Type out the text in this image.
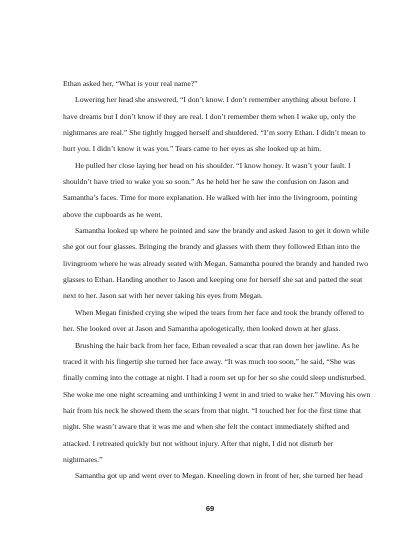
Ethan asked her, “What is your real name?”

Lowering her head she answered, “I don’t know. I don’t remember anything about before. I have dreams but I don’t know if they are real. I don’t remember them when I wake up, only the nightmares are real.” She tightly hugged herself and shuddered. “I’m sorry Ethan. I didn’t mean to hurt you. I didn’t know it was you.” Tears came to her eyes as she looked up at him.

He pulled her close laying her head on his shoulder. “I know honey. It wasn’t your fault. I shouldn’t have tried to wake you so soon.” As he held her he saw the confusion on Jason and Samantha’s faces. Time for more explanation. He walked with her into the livingroom, pointing above the cupboards as he went.

Samantha looked up where he pointed and saw the brandy and asked Jason to get it down while she got out four glasses. Bringing the brandy and glasses with them they followed Ethan into the livingroom where he was already seated with Megan. Samantha poured the brandy and handed two glasses to Ethan. Handing another to Jason and keeping one for herself she sat and patted the seat next to her. Jason sat with her never taking his eyes from Megan.

When Megan finished crying she wiped the tears from her face and took the brandy offered to her. She looked over at Jason and Samantha apologetically, then looked down at her glass.

Brushing the hair back from her face, Ethan revealed a scar that ran down her jawline. As he traced it with his fingertip she turned her face away. “It was much too soon,” he said, “She was finally coming into the cottage at night. I had a room set up for her so she could sleep undisturbed. She woke me one night screaming and unthinking I went in and tried to wake her.” Moving his own hair from his neck he showed them the scars from that night. “I touched her for the first time that night. She wasn’t aware that it was me and when she felt the contact immediately shifted and attacked. I retreated quickly but not without injury. After that night, I did not disturb her nightmares.”

Samantha got up and went over to Megan. Kneeling down in front of her, she turned her head

69
